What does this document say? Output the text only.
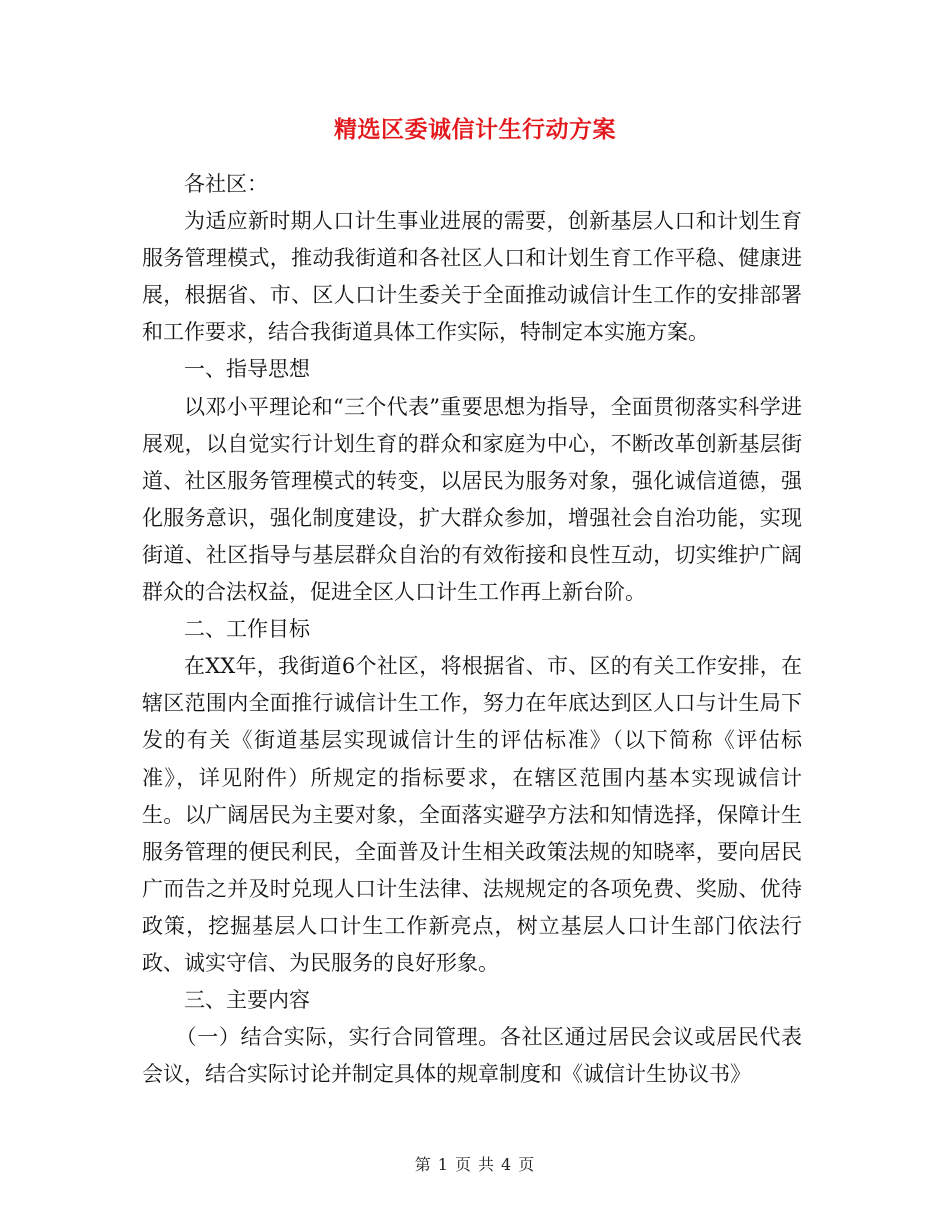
精选区委诚信计生行动方案

各社区：

为适应新时期人口计生事业进展的需要，创新基层人口和计划生育服务管理模式，推动我街道和各社区人口和计划生育工作平稳、健康进展，根据省、市、区人口计生委关于全面推动诚信计生工作的安排部署和工作要求，结合我街道具体工作实际，特制定本实施方案。

一、指导思想

以邓小平理论和“三个代表”重要思想为指导，全面贯彻落实科学进展观，以自觉实行计划生育的群众和家庭为中心，不断改革创新基层街道、社区服务管理模式的转变，以居民为服务对象，强化诚信道德，强化服务意识，强化制度建设，扩大群众参加，增强社会自治功能，实现街道、社区指导与基层群众自治的有效衔接和良性互动，切实维护广阔群众的合法权益，促进全区人口计生工作再上新台阶。

二、工作目标

在XX年，我街道6个社区，将根据省、市、区的有关工作安排，在辖区范围内全面推行诚信计生工作，努力在年底达到区人口与计生局下发的有关《街道基层实现诚信计生的评估标准》（以下简称《评估标准》，详见附件）所规定的指标要求，在辖区范围内基本实现诚信计生。以广阔居民为主要对象，全面落实避孕方法和知情选择，保障计生服务管理的便民利民，全面普及计生相关政策法规的知晓率，要向居民广而告之并及时兑现人口计生法律、法规规定的各项免费、奖励、优待政策，挖掘基层人口计生工作新亮点，树立基层人口计生部门依法行政、诚实守信、为民服务的良好形象。

三、主要内容

（一）结合实际，实行合同管理。各社区通过居民会议或居民代表会议，结合实际讨论并制定具体的规章制度和《诚信计生协议书》

第 1 页 共 4 页
